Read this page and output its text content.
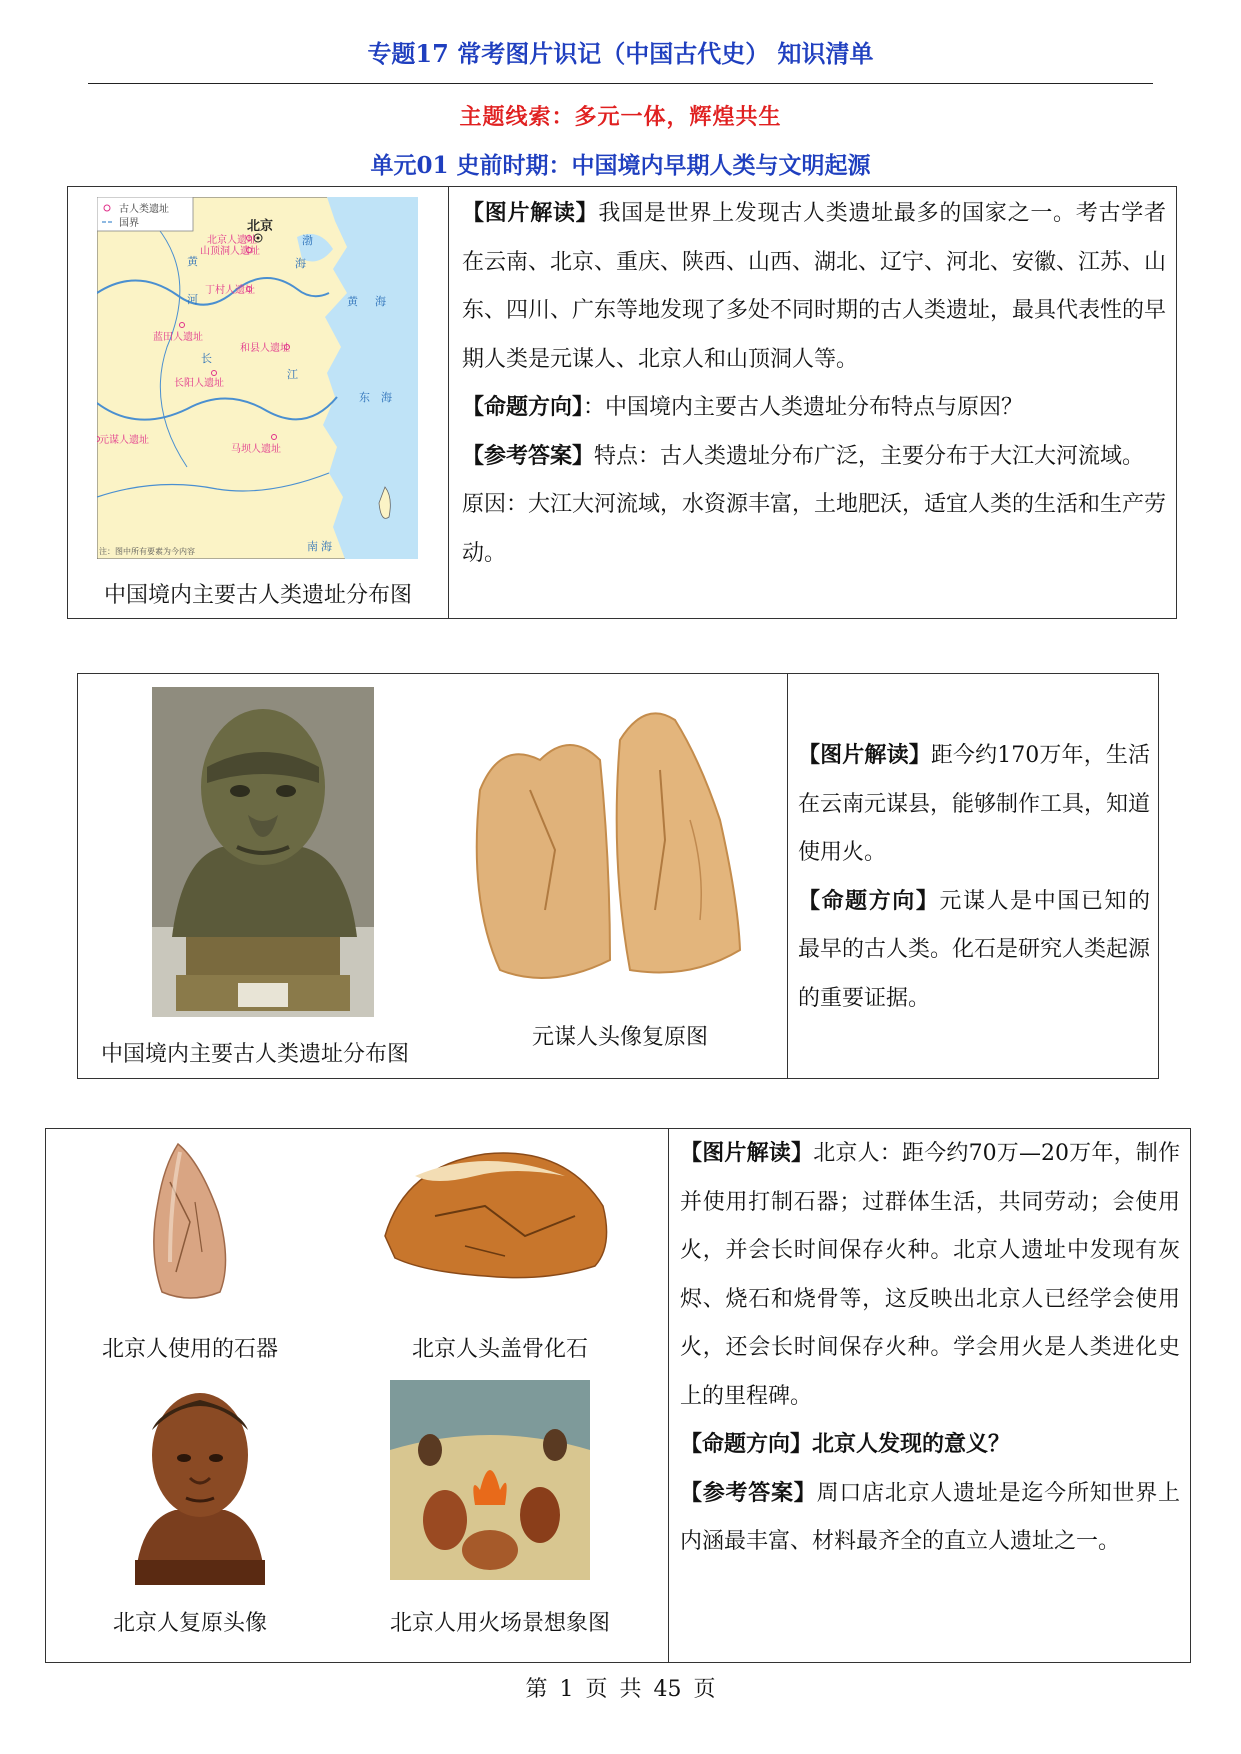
专题17 常考图片识记（中国古代史） 知识清单
主题线索：多元一体，辉煌共生
单元01 史前时期：中国境内早期人类与文明起源
古人类遗址
国界	北京
北京人遗址
山顶洞人遗址
丁村人遗址
蓝田人遗址
和县人遗址
长阳人遗址
元谋人遗址
马坝人遗址
黄
河
长
江
渤
海
黄 海
东 海
南 海
注：图中所有要素为今内容
中国境内主要古人类遗址分布图
【图片解读】我国是世界上发现古人类遗址最多的国家之一。考古学者在云南、北京、重庆、陕西、山西、湖北、辽宁、河北、安徽、江苏、山东、四川、广东等地发现了多处不同时期的古人类遗址，最具代表性的早期人类是元谋人、北京人和山顶洞人等。
【命题方向】：中国境内主要古人类遗址分布特点与原因？
【参考答案】特点：古人类遗址分布广泛，主要分布于大江大河流域。
原因：大江大河流域，水资源丰富，土地肥沃，适宜人类的生活和生产劳动。
中国境内主要古人类遗址分布图
元谋人头像复原图
【图片解读】距今约170万年，生活在云南元谋县，能够制作工具，知道使用火。
【命题方向】元谋人是中国已知的最早的古人类。化石是研究人类起源的重要证据。
北京人使用的石器	北京人头盖骨化石
北京人复原头像	北京人用火场景想象图
【图片解读】北京人：距今约70万—20万年，制作并使用打制石器；过群体生活，共同劳动；会使用火，并会长时间保存火种。北京人遗址中发现有灰烬、烧石和烧骨等，这反映出北京人已经学会使用火，还会长时间保存火种。学会用火是人类进化史上的里程碑。
【命题方向】北京人发现的意义？
【参考答案】周口店北京人遗址是迄今所知世界上内涵最丰富、材料最齐全的直立人遗址之一。
第 1 页 共 45 页
